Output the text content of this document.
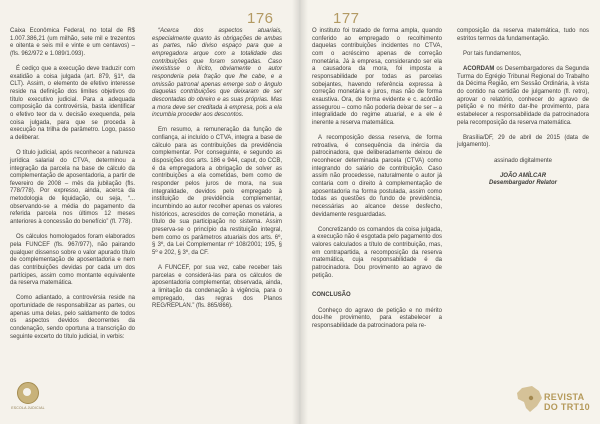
176

Caixa Econômica Federal, no total de R$ 1.007.386,21 (um milhão, sete mil e trezentos e oitenta e seis mil e vinte e um centavos) – (fls. 962/972 e 1.089/1.093).

É cediço que a execução deve traduzir com exatidão a coisa julgada (art. 879, §1º, da CLT). Assim, o elemento de efetivo interesse reside na definição dos limites objetivos do título executivo judicial. Para a adequada composição da controvérsia, basta identificar o efetivo teor da v. decisão exequenda, pela coisa julgada, para que se proceda à execução na trilha de parâmetro. Logo, passo a deliberar.

O título judicial, após reconhecer a natureza jurídica salarial do CTVA, determinou a integração da parcela na base de cálculo da complementação de aposentadoria, a partir de fevereiro de 2008 – mês da jubilação (fls. 778/778). Por expresso, ainda, acerca da metodologia de liquidação, ou seja, “... observando-se a média do pagamento da referida parcela nos últimos 12 meses anteriores à concessão do benefício” (fl. 778).

Os cálculos homologados foram elaborados pela FUNCEF (fls. 967/977), não pairando qualquer dissenso sobre o valor apurado título de complementação de aposentadoria e nem das contribuições devidas por cada um dos partícipes, assim como montante equivalente da reserva matemática.

Como adiantado, a controvérsia reside na oportunidade de responsabilizar as partes, ou apenas uma delas, pelo saldamento de todos os aspectos devidos decorrentes da condenação, sendo oportuna a transcrição do seguinte excerto do título judicial, in verbis:

“Acerca dos aspectos atuariais, especialmente quanto às obrigações de ambas as partes, não diviso espaço para que a empregadora arque com a totalidade das contribuições que foram sonegadas. Caso inexistisse o ilícito, obviamente o autor responderia pela fração que lhe cabe, e a omissão patronal apenas emerge sob o ângulo daquelas contribuições que deixaram de ser descontadas do obreiro e as suas próprias. Mas a mora deve ser creditada à empresa, pois a ela incumbia proceder aos descontos.

Em resumo, a remuneração da função de confiança, ai incluído o CTVA, integra a base de cálculo para as contribuições da previdência complementar. Por conseguinte, e segundo as disposições dos arts. 186 e 944, caput, do CCB, é da empregadora a obrigação de solver as contribuições a ela cometidas, bem como de responder pelos juros de mora, na sua integralidade, devidos pelo empregado à instituição de previdência complementar, incumbindo ao autor recolher apenas os valores históricos, acrescidos de correção monetária, a título de sua participação no sistema. Assim preserva-se o princípio da restituição integral, bem como os parâmetros atuariais dos arts. 6º, § 3º, da Lei Complementar nº 108/2001; 195, § 5º e 202, § 3º, da CF.

A FUNCEF, por sua vez, cabe receber tais parcelas e considerá-las para os cálculos de aposentadoria complementar, observada, ainda, a limitação da condenação à vigência, para o empregado, das regras dos Planos REG/REPLAN.” (fls. 865/866).

ESCOLA JUDICIAL
177

O instituto foi tratado de forma ampla, quando conferido ao empregado o recolhimento daquelas contribuições incidentes no CTVA, com o acréscimo apenas de correção monetária. Já à empresa, considerando ser ela a causadora da mora, foi imposta a responsabilidade por todas as parcelas sobejantes, havendo referência expressa à correção monetária e juros, mas não de forma exaustiva. Ora, de forma evidente e c. acórdão assegurou – como não poderia deixar de ser – a integralidade do regime atuarial, e a ele é inerente a reserva matemática.

A recomposição dessa reserva, de forma retroativa, é consequência da inércia da patrocinadora, que deliberadamente deixou de reconhecer determinada parcela (CTVA) como integrando do salário de contribuição. Caso assim não procedesse, naturalmente o autor já contaria com o direito à complementação de aposentadoria na forma postulada, assim como todas as questões do fundo de previdência, necessárias ao alcance desse desfecho, devidamente resguardadas.

Concretizando os comandos da coisa julgada, a execução não é esgotada pelo pagamento dos valores calculados a título de contribuição, mas, em contrapartida, a recomposição da reserva matemática, cuja responsabilidade é da patrocinadora. Dou provimento ao agravo de petição.

CONCLUSÃO

Conheço do agravo de petição e no mérito dou-lhe provimento, para estabelecer a responsabilidade da patrocinadora pela re-

composição da reserva matemática, tudo nos estritos termos da fundamentação.

Por tais fundamentos,

ACORDAM os Desembargadores da Segunda Turma do Egrégio Tribunal Regional do Trabalho da Décima Região, em Sessão Ordinária, à vista do contido na certidão de julgamento (fl. retro), aprovar o relatório, conhecer do agravo de petição e no mérito dar-lhe provimento, para estabelecer a responsabilidade da patrocinadora pela recomposição da reserva matemática.

Brasília/DF, 29 de abril de 2015 (data de julgamento).

assinado digitalmente

JOÃO AMÍLCAR

Desembargador Relator

REVISTA
DO TRT10
